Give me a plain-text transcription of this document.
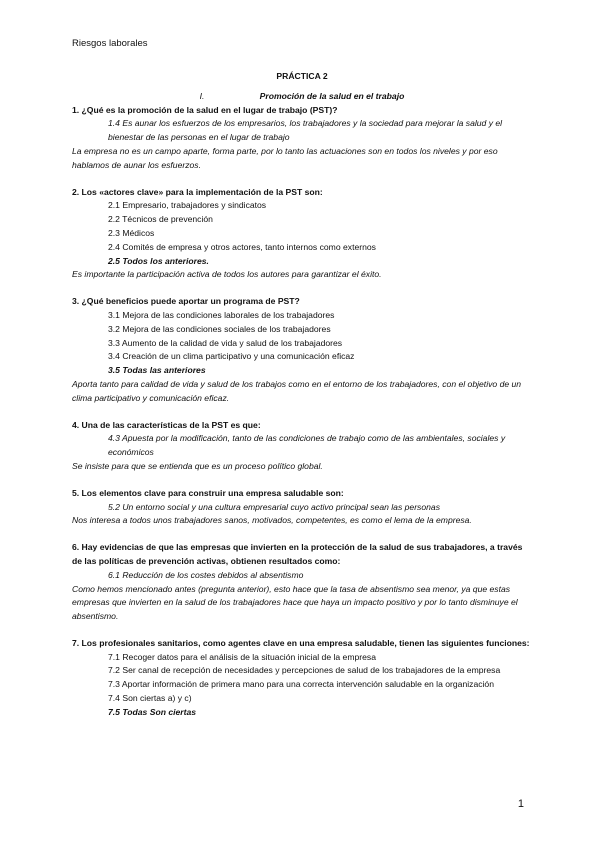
Riesgos laborales
PRÁCTICA 2
I.	Promoción de la salud en el trabajo
1. ¿Qué es la promoción de la salud en el lugar de trabajo (PST)?
1.4 Es aunar los esfuerzos de los empresarios, los trabajadores y la sociedad para mejorar la salud y el bienestar de las personas en el lugar de trabajo
La empresa no es un campo aparte, forma parte, por lo tanto las actuaciones son en todos los niveles y por eso hablamos de aunar los esfuerzos.
2. Los «actores clave» para la implementación de la PST son:
2.1 Empresario, trabajadores y sindicatos
2.2 Técnicos de prevención
2.3 Médicos
2.4 Comités de empresa y otros actores, tanto internos como externos
2.5 Todos los anteriores.
Es importante la participación activa de todos los autores para garantizar el éxito.
3. ¿Qué beneficios puede aportar un programa de PST?
3.1 Mejora de las condiciones laborales de los trabajadores
3.2 Mejora de las condiciones sociales de los trabajadores
3.3 Aumento de la calidad de vida y salud de los trabajadores
3.4 Creación de un clima participativo y una comunicación eficaz
3.5 Todas las anteriores
Aporta tanto para calidad de vida y salud de los trabajos como en el entorno de los trabajadores, con el objetivo de un clima participativo y comunicación eficaz.
4. Una de las características de la PST es que:
4.3 Apuesta por la modificación, tanto de las condiciones de trabajo como de las ambientales, sociales y económicos
Se insiste para que se entienda que es un proceso político global.
5. Los elementos clave para construir una empresa saludable son:
5.2 Un entorno social y una cultura empresarial cuyo activo principal sean las personas
Nos interesa a todos unos trabajadores sanos, motivados, competentes, es como el lema de la empresa.
6. Hay evidencias de que las empresas que invierten en la protección de la salud de sus trabajadores, a través de las políticas de prevención activas, obtienen resultados como:
6.1 Reducción de los costes debidos al absentismo
Como hemos mencionado antes (pregunta anterior), esto hace que la tasa de absentismo sea menor, ya que estas empresas que invierten en la salud de los trabajadores hace que haya un impacto positivo y por lo tanto disminuye el absentismo.
7. Los profesionales sanitarios, como agentes clave en una empresa saludable, tienen las siguientes funciones:
7.1 Recoger datos para el análisis de la situación inicial de la empresa
7.2 Ser canal de recepción de necesidades y percepciones de salud de los trabajadores de la empresa
7.3 Aportar información de primera mano para una correcta intervención saludable en la organización
7.4 Son ciertas a) y c)
7.5 Todas Son ciertas
1
